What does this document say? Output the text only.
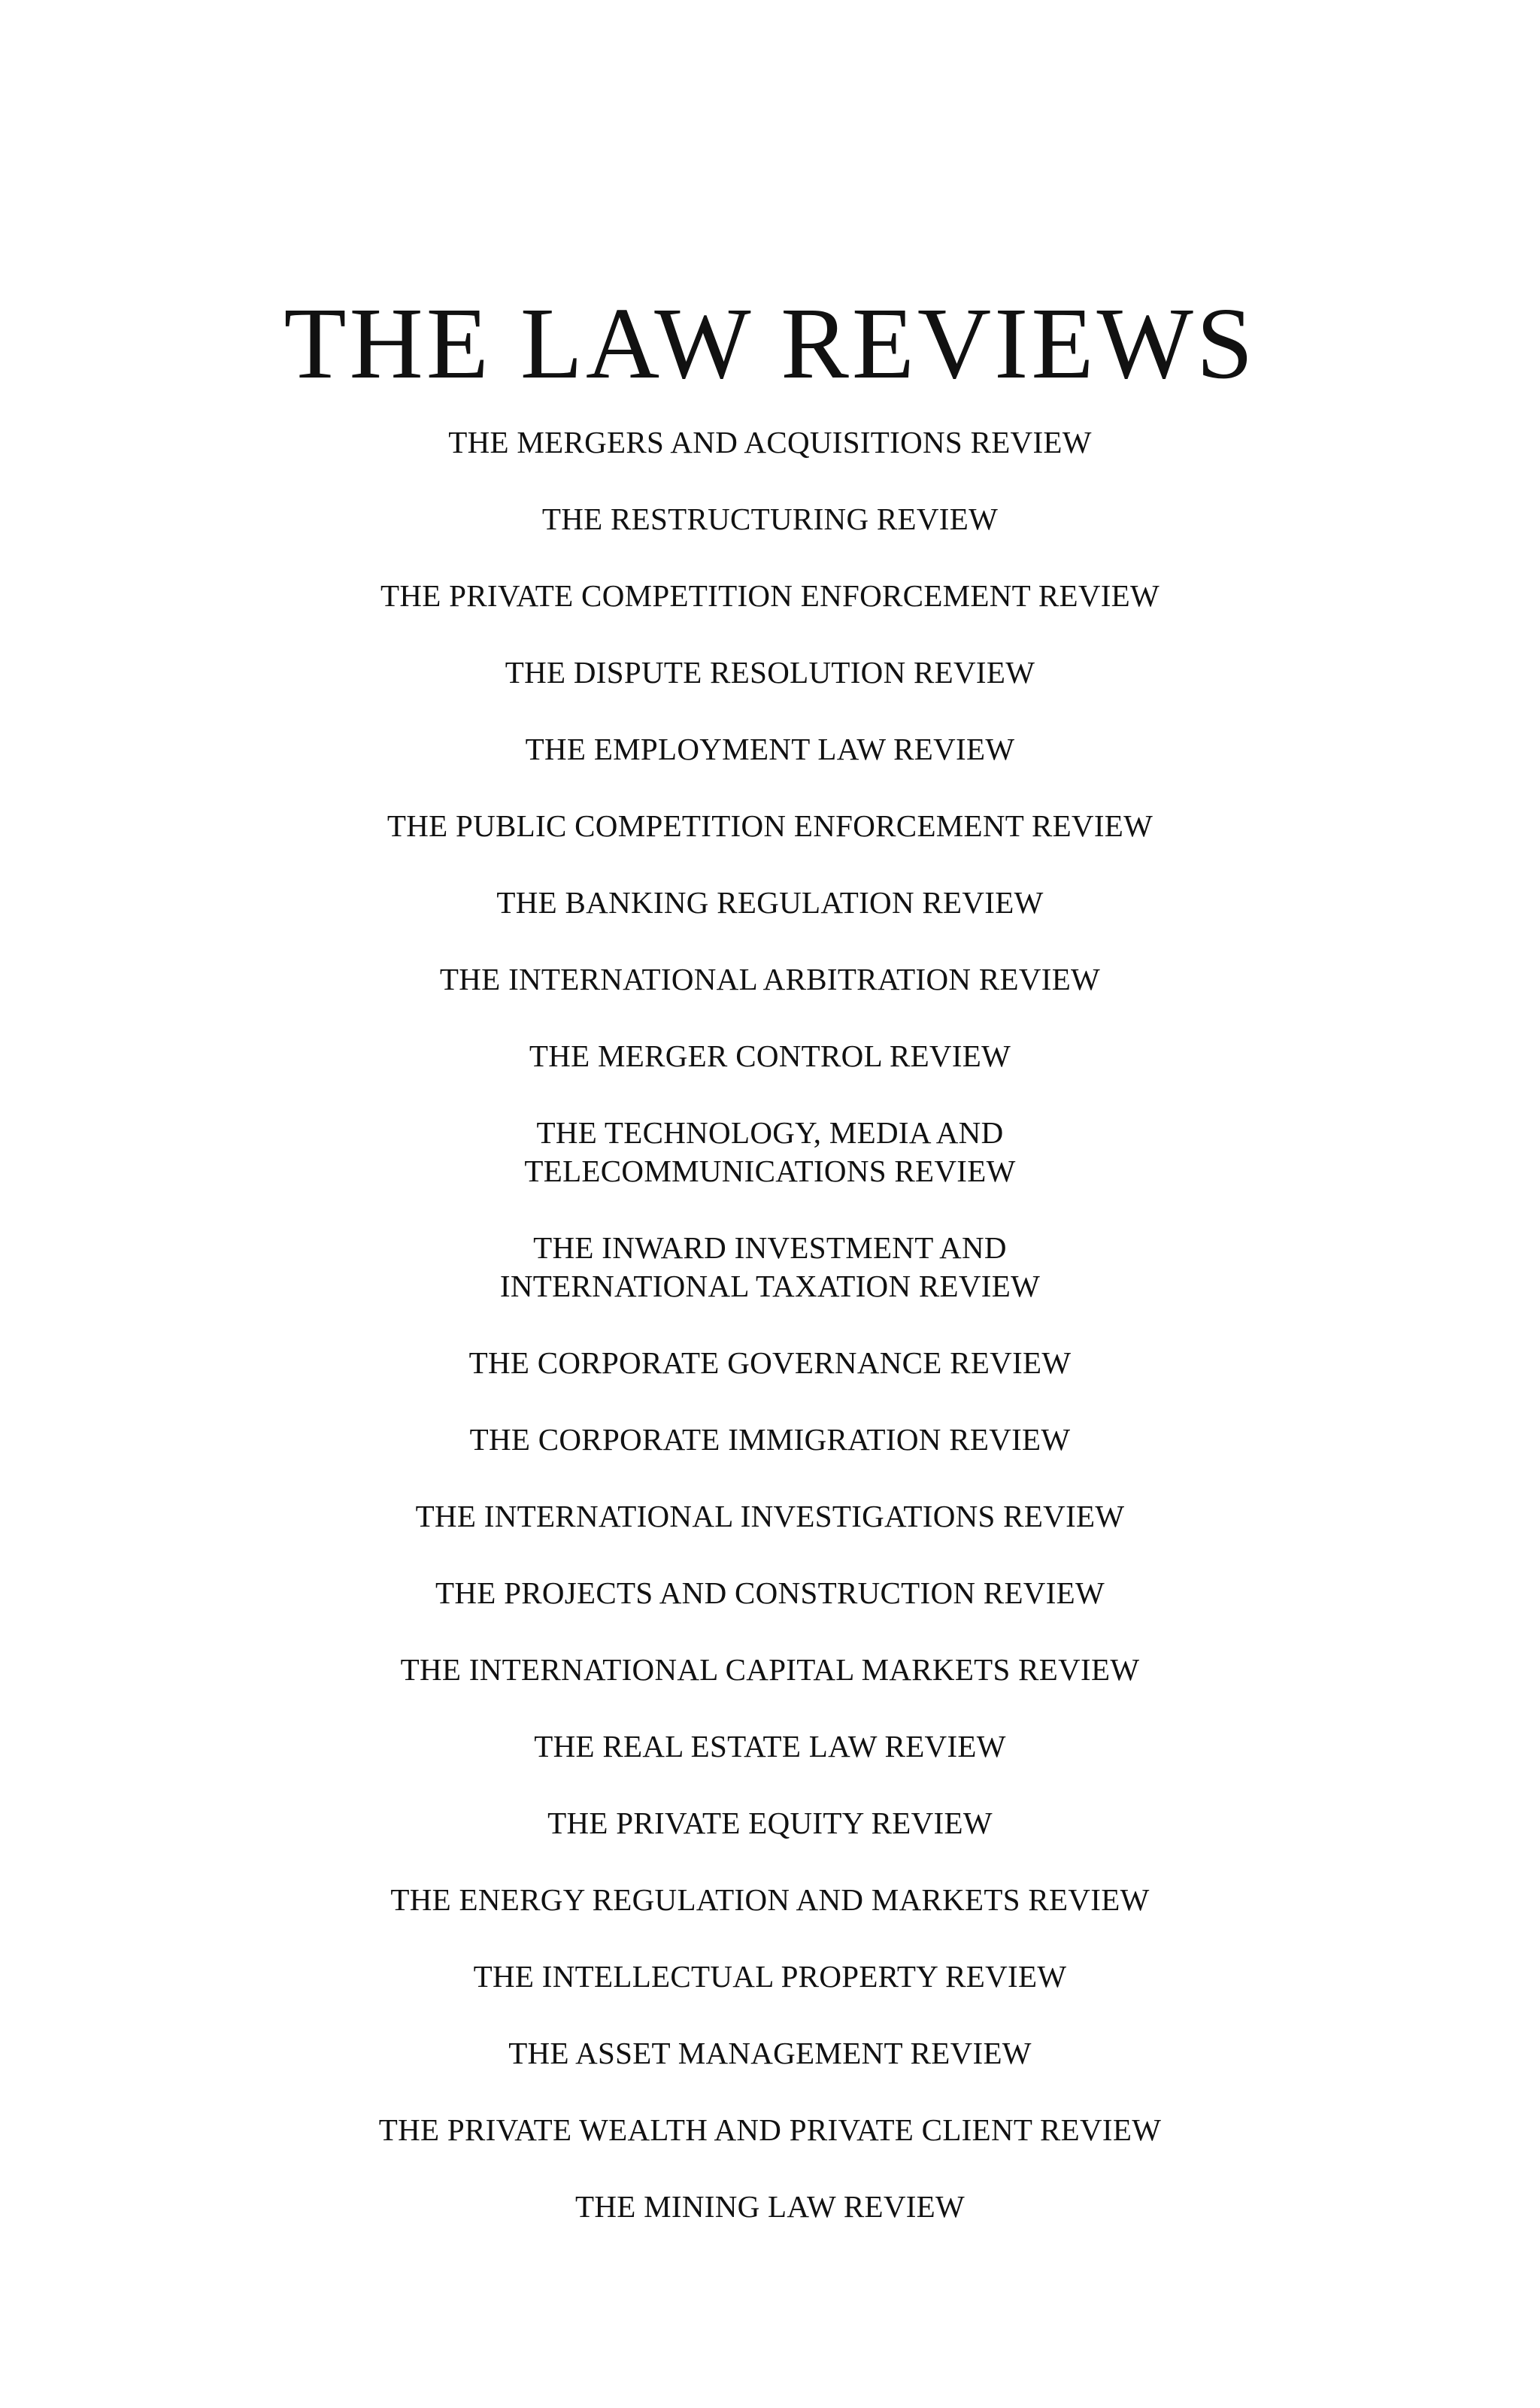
THE LAW REVIEWS
THE MERGERS AND ACQUISITIONS REVIEW
THE RESTRUCTURING REVIEW
THE PRIVATE COMPETITION ENFORCEMENT REVIEW
THE DISPUTE RESOLUTION REVIEW
THE EMPLOYMENT LAW REVIEW
THE PUBLIC COMPETITION ENFORCEMENT REVIEW
THE BANKING REGULATION REVIEW
THE INTERNATIONAL ARBITRATION REVIEW
THE MERGER CONTROL REVIEW
THE TECHNOLOGY, MEDIA AND
TELECOMMUNICATIONS REVIEW
THE INWARD INVESTMENT AND
INTERNATIONAL TAXATION REVIEW
THE CORPORATE GOVERNANCE REVIEW
THE CORPORATE IMMIGRATION REVIEW
THE INTERNATIONAL INVESTIGATIONS REVIEW
THE PROJECTS AND CONSTRUCTION REVIEW
THE INTERNATIONAL CAPITAL MARKETS REVIEW
THE REAL ESTATE LAW REVIEW
THE PRIVATE EQUITY REVIEW
THE ENERGY REGULATION AND MARKETS REVIEW
THE INTELLECTUAL PROPERTY REVIEW
THE ASSET MANAGEMENT REVIEW
THE PRIVATE WEALTH AND PRIVATE CLIENT REVIEW
THE MINING LAW REVIEW
